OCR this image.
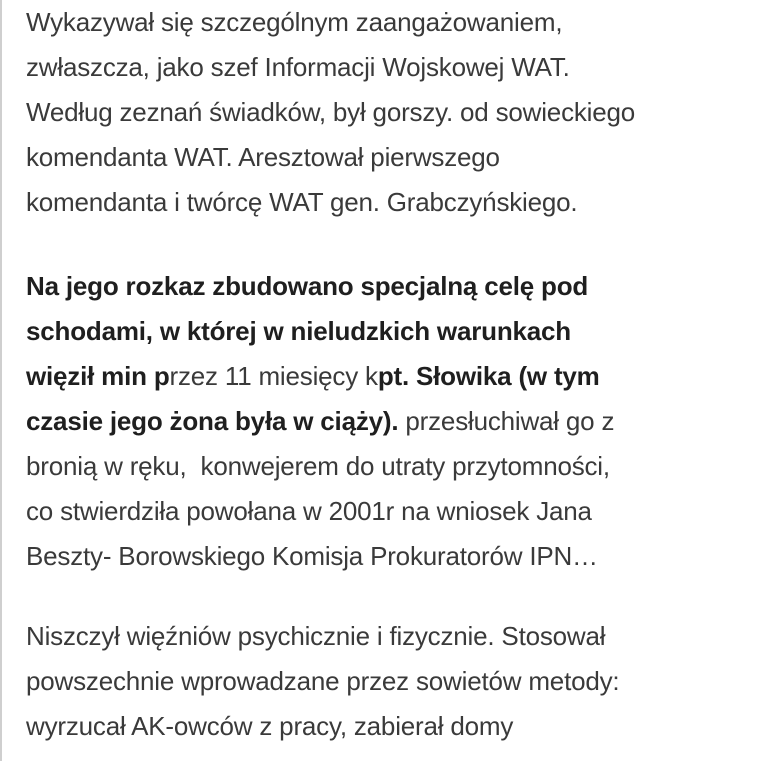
Wykazywał się szczególnym zaangażowaniem,
zwłaszcza, jako szef Informacji Wojskowej WAT.
Według zeznań świadków, był gorszy. od sowieckiego
komendanta WAT. Aresztował pierwszego
komendanta i twórcę WAT gen. Grabczyńskiego.

Na jego rozkaz zbudowano specjalną celę pod
schodami, w której w nieludzkich warunkach
więził min przez 11 miesięcy kpt. Słowika (w tym
czasie jego żona była w ciąży). przesłuchiwał go z
bronią w ręku,  konwejerem do utraty przytomności,
co stwierdziła powołana w 2001r na wniosek Jana
Beszty- Borowskiego Komisja Prokuratorów IPN…

Niszczył więźniów psychicznie i fizycznie. Stosował
powszechnie wprowadzane przez sowietów metody:
wyrzucał AK-owców z pracy, zabierał domy
